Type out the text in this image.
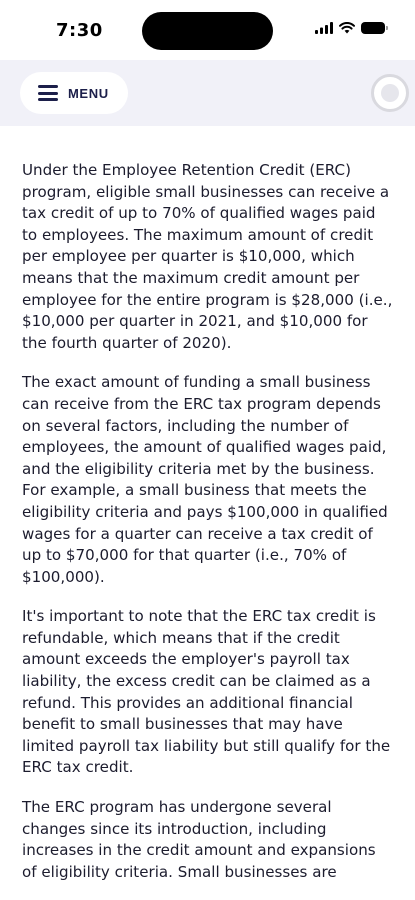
7:30
MENU

Under the Employee Retention Credit (ERC) program, eligible small businesses can receive a tax credit of up to 70% of qualified wages paid to employees. The maximum amount of credit per employee per quarter is $10,000, which means that the maximum credit amount per employee for the entire program is $28,000 (i.e., $10,000 per quarter in 2021, and $10,000 for the fourth quarter of 2020).

The exact amount of funding a small business can receive from the ERC tax program depends on several factors, including the number of employees, the amount of qualified wages paid, and the eligibility criteria met by the business. For example, a small business that meets the eligibility criteria and pays $100,000 in qualified wages for a quarter can receive a tax credit of up to $70,000 for that quarter (i.e., 70% of $100,000).

It's important to note that the ERC tax credit is refundable, which means that if the credit amount exceeds the employer's payroll tax liability, the excess credit can be claimed as a refund. This provides an additional financial benefit to small businesses that may have limited payroll tax liability but still qualify for the ERC tax credit.

The ERC program has undergone several changes since its introduction, including increases in the credit amount and expansions of eligibility criteria. Small businesses are
